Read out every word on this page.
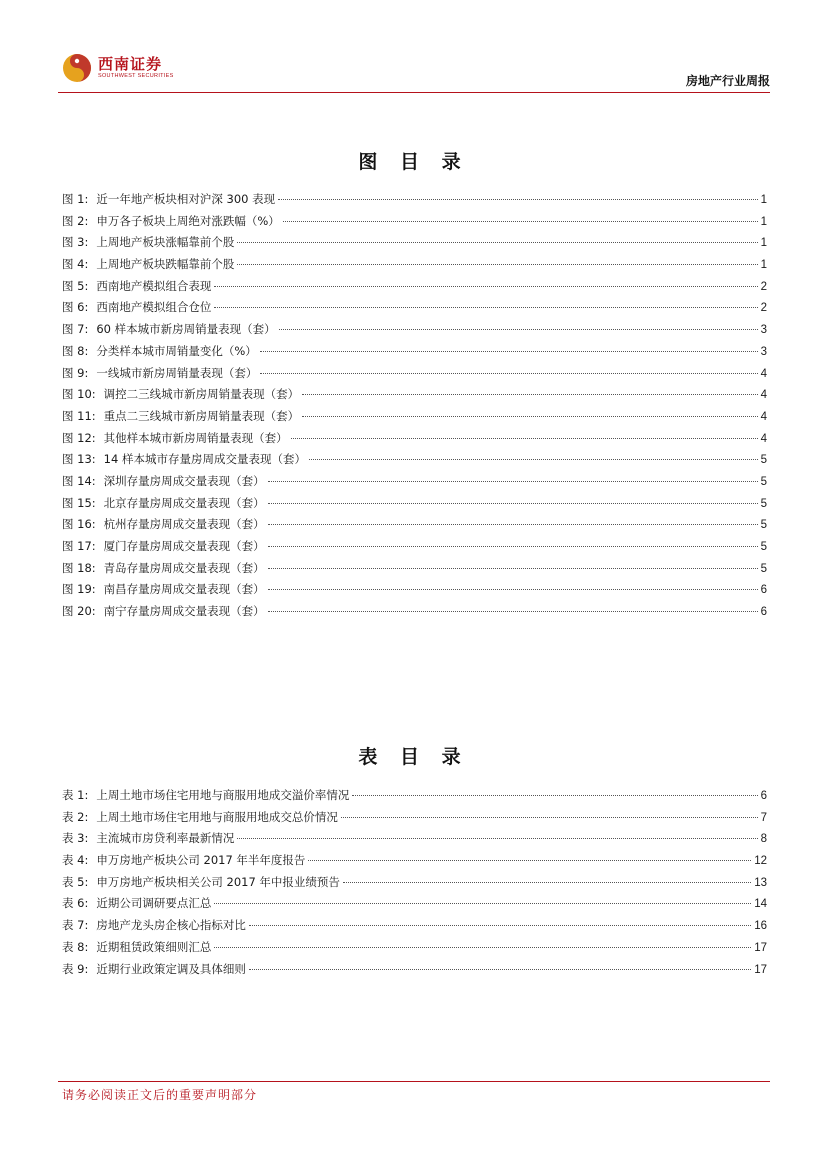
西南证券
SOUTHWEST SECURITIES	房地产行业周报
图 目 录
图 1: 近一年地产板块相对沪深 300 表现	1
图 2: 申万各子板块上周绝对涨跌幅（%）	1
图 3: 上周地产板块涨幅靠前个股	1
图 4: 上周地产板块跌幅靠前个股	1
图 5: 西南地产模拟组合表现	2
图 6: 西南地产模拟组合仓位	2
图 7: 60 样本城市新房周销量表现（套）	3
图 8: 分类样本城市周销量变化（%）	3
图 9: 一线城市新房周销量表现（套）	4
图 10: 调控二三线城市新房周销量表现（套）	4
图 11: 重点二三线城市新房周销量表现（套）	4
图 12: 其他样本城市新房周销量表现（套）	4
图 13: 14 样本城市存量房周成交量表现（套）	5
图 14: 深圳存量房周成交量表现（套）	5
图 15: 北京存量房周成交量表现（套）	5
图 16: 杭州存量房周成交量表现（套）	5
图 17: 厦门存量房周成交量表现（套）	5
图 18: 青岛存量房周成交量表现（套）	5
图 19: 南昌存量房周成交量表现（套）	6
图 20: 南宁存量房周成交量表现（套）	6
表 目 录
表 1: 上周土地市场住宅用地与商服用地成交溢价率情况	6
表 2: 上周土地市场住宅用地与商服用地成交总价情况	7
表 3: 主流城市房贷利率最新情况	8
表 4: 申万房地产板块公司 2017 年半年度报告	12
表 5: 申万房地产板块相关公司 2017 年中报业绩预告	13
表 6: 近期公司调研要点汇总	14
表 7: 房地产龙头房企核心指标对比	16
表 8: 近期租赁政策细则汇总	17
表 9: 近期行业政策定调及具体细则	17
请务必阅读正文后的重要声明部分
